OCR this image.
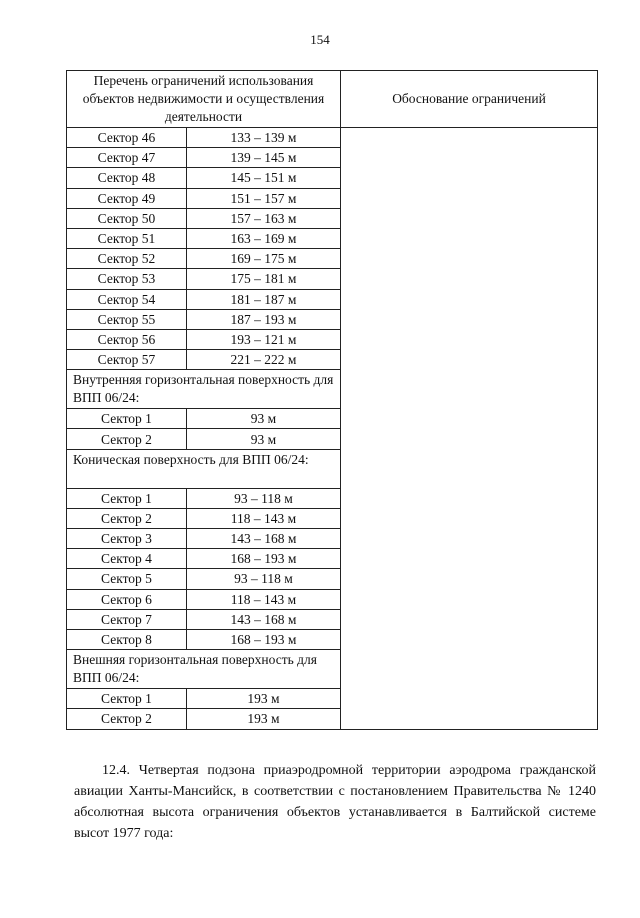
154
Перечень ограничений использования объектов недвижимости и осуществления деятельности		Обоснование ограничений
Сектор 46	133 – 139 м	
Сектор 47	139 – 145 м	
Сектор 48	145 – 151 м	
Сектор 49	151 – 157 м	
Сектор 50	157 – 163 м	
Сектор 51	163 – 169 м	
Сектор 52	169 – 175 м	
Сектор 53	175 – 181 м	
Сектор 54	181 – 187 м	
Сектор 55	187 – 193 м	
Сектор 56	193 – 121 м	
Сектор 57	221 – 222 м	
Внутренняя горизонтальная поверхность для ВПП 06/24:		
Сектор 1	93 м	
Сектор 2	93 м	
Коническая поверхность для ВПП 06/24:		
Сектор 1	93 – 118 м	
Сектор 2	118 – 143 м	
Сектор 3	143 – 168 м	
Сектор 4	168 – 193 м	
Сектор 5	93 – 118 м	
Сектор 6	118 – 143 м	
Сектор 7	143 – 168 м	
Сектор 8	168 – 193 м	
Внешняя горизонтальная поверхность для ВПП 06/24:		
Сектор 1	193 м	
Сектор 2	193 м	

12.4. Четвертая подзона приаэродромной территории аэродрома гражданской авиации Ханты-Мансийск, в соответствии с постановлением Правительства № 1240 абсолютная высота ограничения объектов устанавливается в Балтийской системе высот 1977 года:
